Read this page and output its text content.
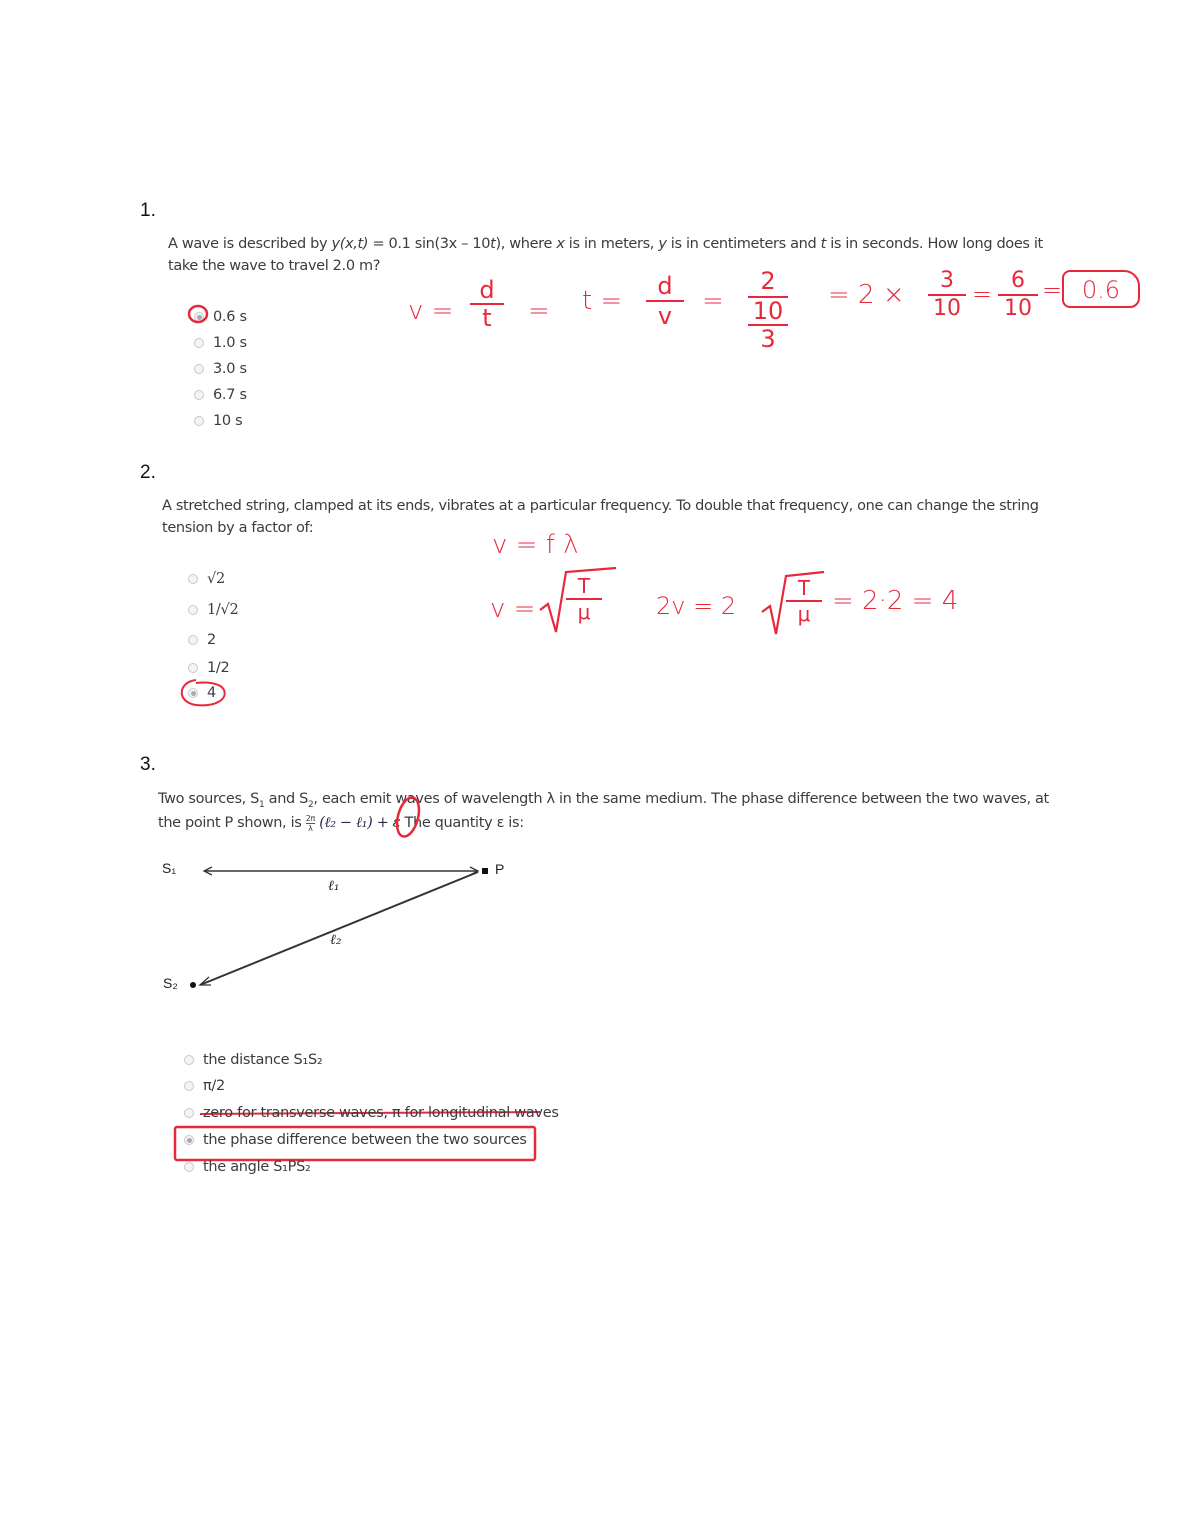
1.
A wave is described by y(x,t) = 0.1 sin(3x – 10t), where x is in meters, y is in centimeters and t is in seconds. How long does it take the wave to travel 2.0 m?
0.6 s
1.0 s
3.0 s
6.7 s
10 s
$v = \frac{d}{t} = t = \frac{d}{v} = 2$
10
$3 = 2 \times \frac{3}{10} = \frac{6}{10} = 0.6$
2.
A stretched string, clamped at its ends, vibrates at a particular frequency. To double that frequency, one can change the string tension by a factor of:
√2
1/√2
2
1/2
4
v = f λ
$v = \frac{T}{\mu} 2v = 2 \frac{T}{\mu} = 2\cdot 2 = 4$
3.
Two sources, $S_1$ and $S_2$, each emit waves of wavelength λ in the same medium. The phase difference between the two waves, at
the point P shown, is $\frac{2\pi}{\lambda}$ (ℓ₂ − ℓ₁) + ε The quantity ε is:
S₁
S₂
P
ℓ₁
ℓ₂
the distance S₁S₂
π/2
zero for transverse waves, π for longitudinal waves
the phase difference between the two sources
the angle S₁PS₂
